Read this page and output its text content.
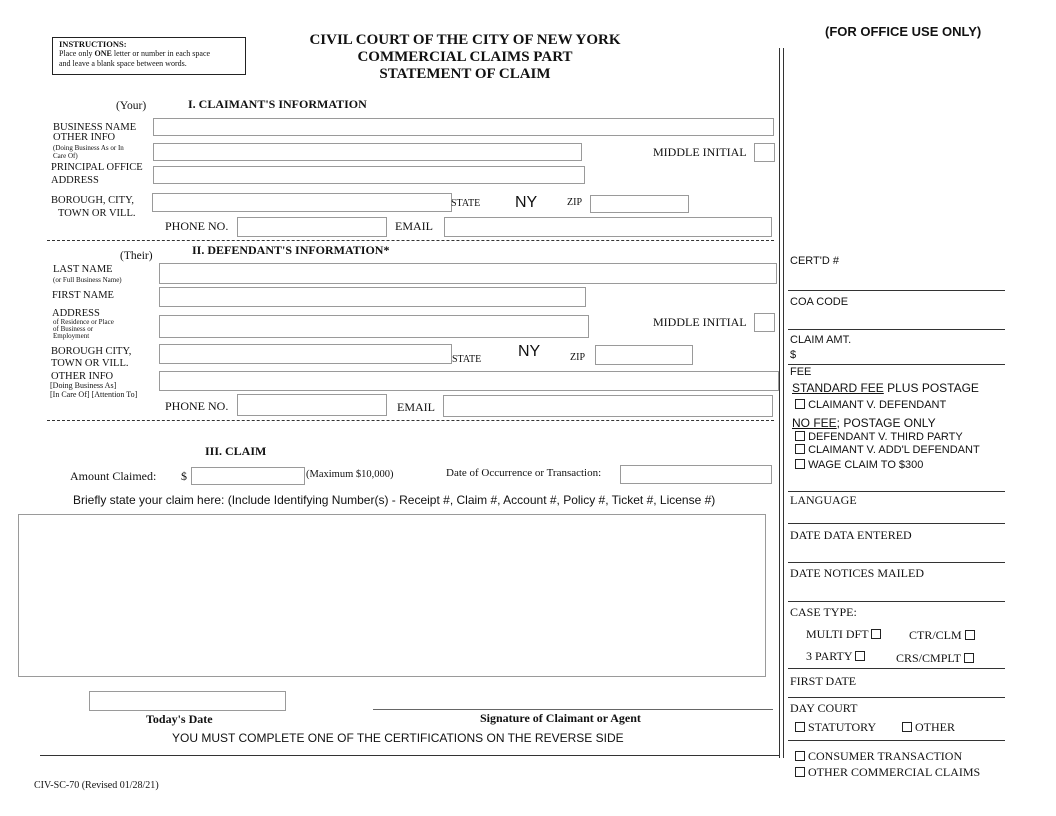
INSTRUCTIONS:
Place only ONE letter or number in each space
and leave a blank space between words.
CIVIL COURT OF THE CITY OF NEW YORK
COMMERCIAL CLAIMS PART
STATEMENT OF CLAIM
(FOR OFFICE USE ONLY)
(Your)	I. CLAIMANT'S INFORMATION
BUSINESS NAME
OTHER INFO
(Doing Business As or In
Care Of)	MIDDLE INITIAL
PRINCIPAL OFFICE
ADDRESS
BOROUGH, CITY,
TOWN OR VILL.
STATE NY	ZIP
PHONE NO.	EMAIL
(Their)	II. DEFENDANT'S INFORMATION*
LAST NAME
(or Full Business Name)
FIRST NAME
ADDRESS
of Residence or Place
of Business or
Employment
MIDDLE INITIAL
BOROUGH CITY,
TOWN OR VILL.	STATE NY	ZIP
OTHER INFO
[Doing Business As]
[In Care Of] [Attention To]
PHONE NO.	EMAIL
III. CLAIM
Amount Claimed: $	(Maximum $10,000)	Date of Occurrence or Transaction:
Briefly state your claim here: (Include Identifying Number(s) - Receipt #, Claim #, Account #, Policy #, Ticket #, License #)
Today's Date	Signature of Claimant or Agent
YOU MUST COMPLETE ONE OF THE CERTIFICATIONS ON THE REVERSE SIDE
CIV-SC-70 (Revised 01/28/21)
CERT'D #
COA CODE
CLAIM AMT.
$
FEE
STANDARD FEE PLUS POSTAGE
CLAIMANT V. DEFENDANT
NO FEE; POSTAGE ONLY
DEFENDANT V. THIRD PARTY
CLAIMANT V. ADD'L DEFENDANT
WAGE CLAIM TO $300
LANGUAGE
DATE DATA ENTERED
DATE NOTICES MAILED
CASE TYPE:
MULTI DFT	CTR/CLM
3 PARTY	CRS/CMPLT
FIRST DATE
DAY COURT
STATUTORY	OTHER
CONSUMER TRANSACTION
OTHER COMMERCIAL CLAIMS
